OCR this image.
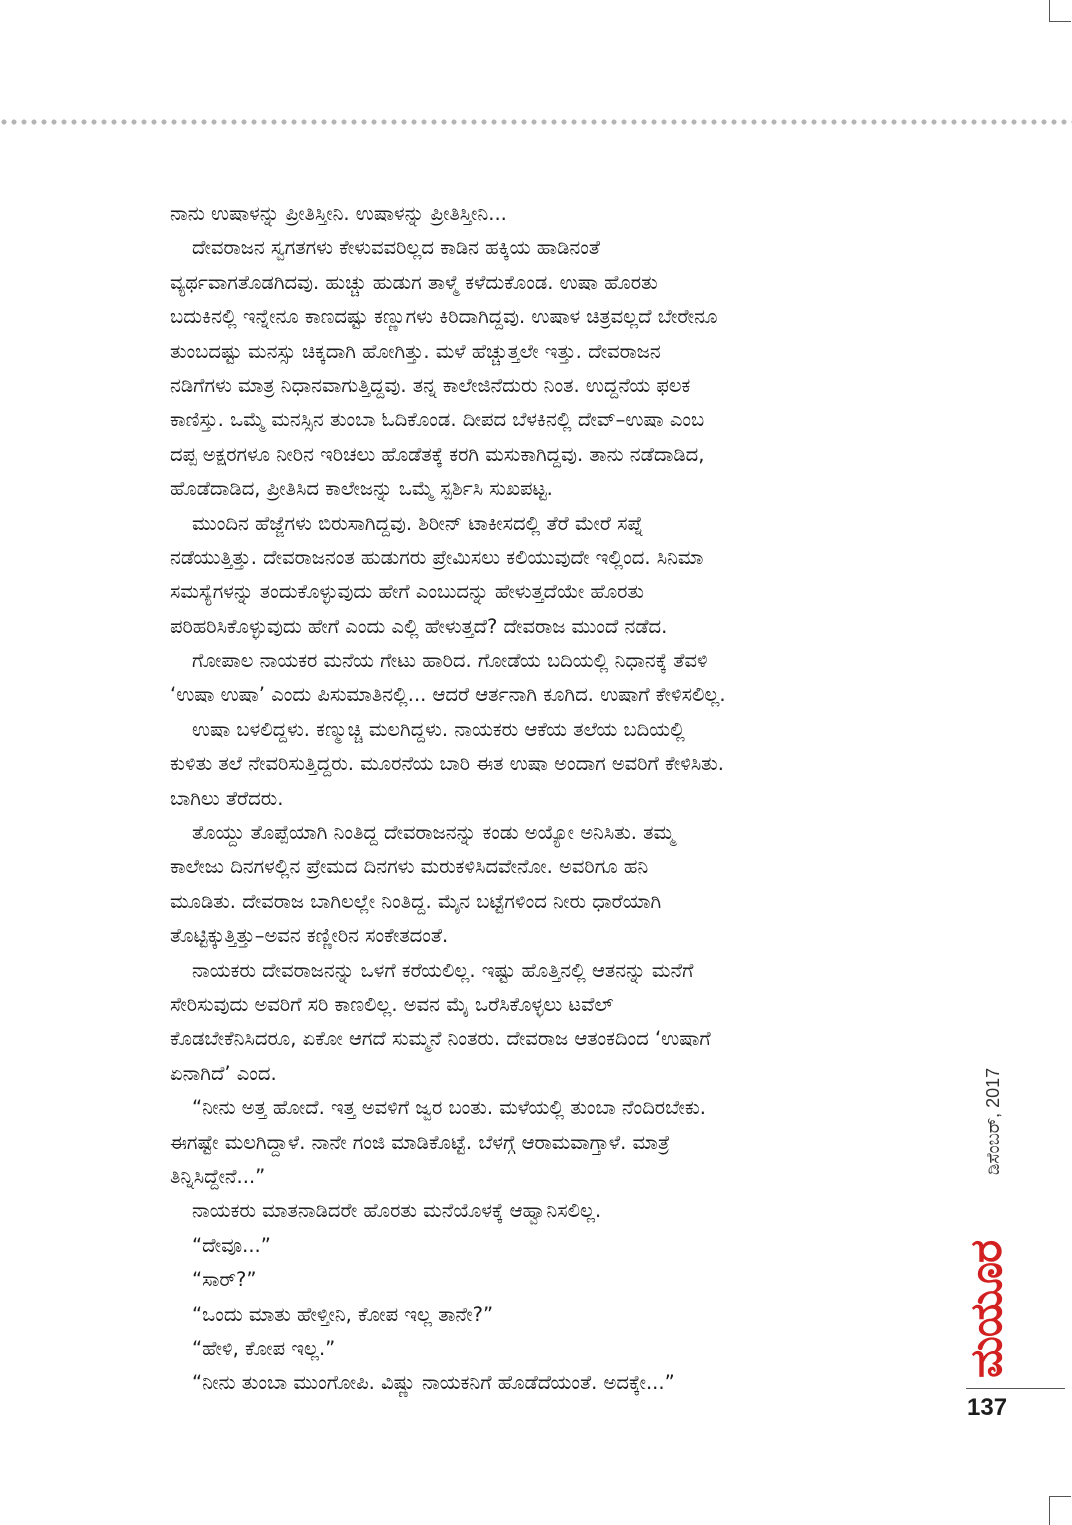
ನಾನು ಉಷಾಳನ್ನು ಪ್ರೀತಿಸ್ತೀನಿ. ಉಷಾಳನ್ನು ಪ್ರೀತಿಸ್ತೀನಿ...
ದೇವರಾಜನ ಸ್ವಗತಗಳು ಕೇಳುವವರಿಲ್ಲದ ಕಾಡಿನ ಹಕ್ಕಿಯ ಹಾಡಿನಂತೆ
ವ್ಯರ್ಥವಾಗತೊಡಗಿದವು. ಹುಚ್ಚು ಹುಡುಗ ತಾಳ್ಮೆ ಕಳೆದುಕೊಂಡ. ಉಷಾ ಹೊರತು
ಬದುಕಿನಲ್ಲಿ ಇನ್ನೇನೂ ಕಾಣದಷ್ಟು ಕಣ್ಣುಗಳು ಕಿರಿದಾಗಿದ್ದವು. ಉಷಾಳ ಚಿತ್ರವಲ್ಲದೆ ಬೇರೇನೂ
ತುಂಬದಷ್ಟು ಮನಸ್ಸು ಚಿಕ್ಕದಾಗಿ ಹೋಗಿತ್ತು. ಮಳೆ ಹೆಚ್ಚುತ್ತಲೇ ಇತ್ತು. ದೇವರಾಜನ
ನಡಿಗೆಗಳು ಮಾತ್ರ ನಿಧಾನವಾಗುತ್ತಿದ್ದವು. ತನ್ನ ಕಾಲೇಜಿನೆದುರು ನಿಂತ. ಉದ್ದನೆಯ ಫಲಕ
ಕಾಣಿಸ್ತು. ಒಮ್ಮೆ ಮನಸ್ಸಿನ ತುಂಬಾ ಓದಿಕೊಂಡ. ದೀಪದ ಬೆಳಕಿನಲ್ಲಿ ದೇವ್–ಉಷಾ ಎಂಬ
ದಪ್ಪ ಅಕ್ಷರಗಳೂ ನೀರಿನ ಇರಿಚಲು ಹೊಡೆತಕ್ಕೆ ಕರಗಿ ಮಸುಕಾಗಿದ್ದವು. ತಾನು ನಡೆದಾಡಿದ,
ಹೊಡೆದಾಡಿದ, ಪ್ರೀತಿಸಿದ ಕಾಲೇಜನ್ನು ಒಮ್ಮೆ ಸ್ಪರ್ಶಿಸಿ ಸುಖಪಟ್ಟ.
ಮುಂದಿನ ಹೆಜ್ಜೆಗಳು ಬಿರುಸಾಗಿದ್ದವು. ಶಿರೀನ್ ಟಾಕೀಸದಲ್ಲಿ ತೆರೆ ಮೇರೆ ಸಪ್ನೆ
ನಡೆಯುತ್ತಿತ್ತು. ದೇವರಾಜನಂತ ಹುಡುಗರು ಪ್ರೇಮಿಸಲು ಕಲಿಯುವುದೇ ಇಲ್ಲಿಂದ. ಸಿನಿಮಾ
ಸಮಸ್ಯೆಗಳನ್ನು ತಂದುಕೊಳ್ಳುವುದು ಹೇಗೆ ಎಂಬುದನ್ನು ಹೇಳುತ್ತದೆಯೇ ಹೊರತು
ಪರಿಹರಿಸಿಕೊಳ್ಳುವುದು ಹೇಗೆ ಎಂದು ಎಲ್ಲಿ ಹೇಳುತ್ತದೆ? ದೇವರಾಜ ಮುಂದೆ ನಡೆದ.
ಗೋಪಾಲ ನಾಯಕರ ಮನೆಯ ಗೇಟು ಹಾರಿದ. ಗೋಡೆಯ ಬದಿಯಲ್ಲಿ ನಿಧಾನಕ್ಕೆ ತೆವಳಿ
‘ಉಷಾ ಉಷಾ’ ಎಂದು ಪಿಸುಮಾತಿನಲ್ಲಿ... ಆದರೆ ಆರ್ತನಾಗಿ ಕೂಗಿದ. ಉಷಾಗೆ ಕೇಳಿಸಲಿಲ್ಲ.
ಉಷಾ ಬಳಲಿದ್ದಳು. ಕಣ್ಮುಚ್ಚಿ ಮಲಗಿದ್ದಳು. ನಾಯಕರು ಆಕೆಯ ತಲೆಯ ಬದಿಯಲ್ಲಿ
ಕುಳಿತು ತಲೆ ನೇವರಿಸುತ್ತಿದ್ದರು. ಮೂರನೆಯ ಬಾರಿ ಈತ ಉಷಾ ಅಂದಾಗ ಅವರಿಗೆ ಕೇಳಿಸಿತು.
ಬಾಗಿಲು ತೆರೆದರು.
ತೊಯ್ದು ತೊಪ್ಪೆಯಾಗಿ ನಿಂತಿದ್ದ ದೇವರಾಜನನ್ನು ಕಂಡು ಅಯ್ಯೋ ಅನಿಸಿತು. ತಮ್ಮ
ಕಾಲೇಜು ದಿನಗಳಲ್ಲಿನ ಪ್ರೇಮದ ದಿನಗಳು ಮರುಕಳಿಸಿದವೇನೋ. ಅವರಿಗೂ ಹನಿ
ಮೂಡಿತು. ದೇವರಾಜ ಬಾಗಿಲಲ್ಲೇ ನಿಂತಿದ್ದ. ಮೈನ ಬಟ್ಟೆಗಳಿಂದ ನೀರು ಧಾರೆಯಾಗಿ
ತೊಟ್ಟಿಕ್ಕುತ್ತಿತ್ತು–ಅವನ ಕಣ್ಣೀರಿನ ಸಂಕೇತದಂತೆ.
ನಾಯಕರು ದೇವರಾಜನನ್ನು ಒಳಗೆ ಕರೆಯಲಿಲ್ಲ. ಇಷ್ಟು ಹೊತ್ತಿನಲ್ಲಿ ಆತನನ್ನು ಮನೆಗೆ
ಸೇರಿಸುವುದು ಅವರಿಗೆ ಸರಿ ಕಾಣಲಿಲ್ಲ. ಅವನ ಮೈ ಒರೆಸಿಕೊಳ್ಳಲು ಟವೆಲ್
ಕೊಡಬೇಕೆನಿಸಿದರೂ, ಏಕೋ ಆಗದೆ ಸುಮ್ಮನೆ ನಿಂತರು. ದೇವರಾಜ ಆತಂಕದಿಂದ ‘ಉಷಾಗೆ
ಏನಾಗಿದೆ’ ಎಂದ.
“ನೀನು ಅತ್ತ ಹೋದೆ. ಇತ್ತ ಅವಳಿಗೆ ಜ್ವರ ಬಂತು. ಮಳೆಯಲ್ಲಿ ತುಂಬಾ ನೆಂದಿರಬೇಕು.
ಈಗಷ್ಟೇ ಮಲಗಿದ್ದಾಳೆ. ನಾನೇ ಗಂಜಿ ಮಾಡಿಕೊಟ್ಟೆ. ಬೆಳಗ್ಗೆ ಆರಾಮವಾಗ್ತಾಳೆ. ಮಾತ್ರೆ
ತಿನ್ನಿಸಿದ್ದೇನೆ...”
ನಾಯಕರು ಮಾತನಾಡಿದರೇ ಹೊರತು ಮನೆಯೊಳಕ್ಕೆ ಆಹ್ವಾನಿಸಲಿಲ್ಲ.
“ದೇವೂ...”
“ಸಾರ್?”
“ಒಂದು ಮಾತು ಹೇಳ್ತೀನಿ, ಕೋಪ ಇಲ್ಲ ತಾನೇ?”
“ಹೇಳಿ, ಕೋಪ ಇಲ್ಲ.”
“ನೀನು ತುಂಬಾ ಮುಂಗೋಪಿ. ವಿಷ್ಣು ನಾಯಕನಿಗೆ ಹೊಡೆದೆಯಂತೆ. ಅದಕ್ಕೇ...”
ಮಯೂರ
ಡಿಸೆಂಬರ್, 2017
137
